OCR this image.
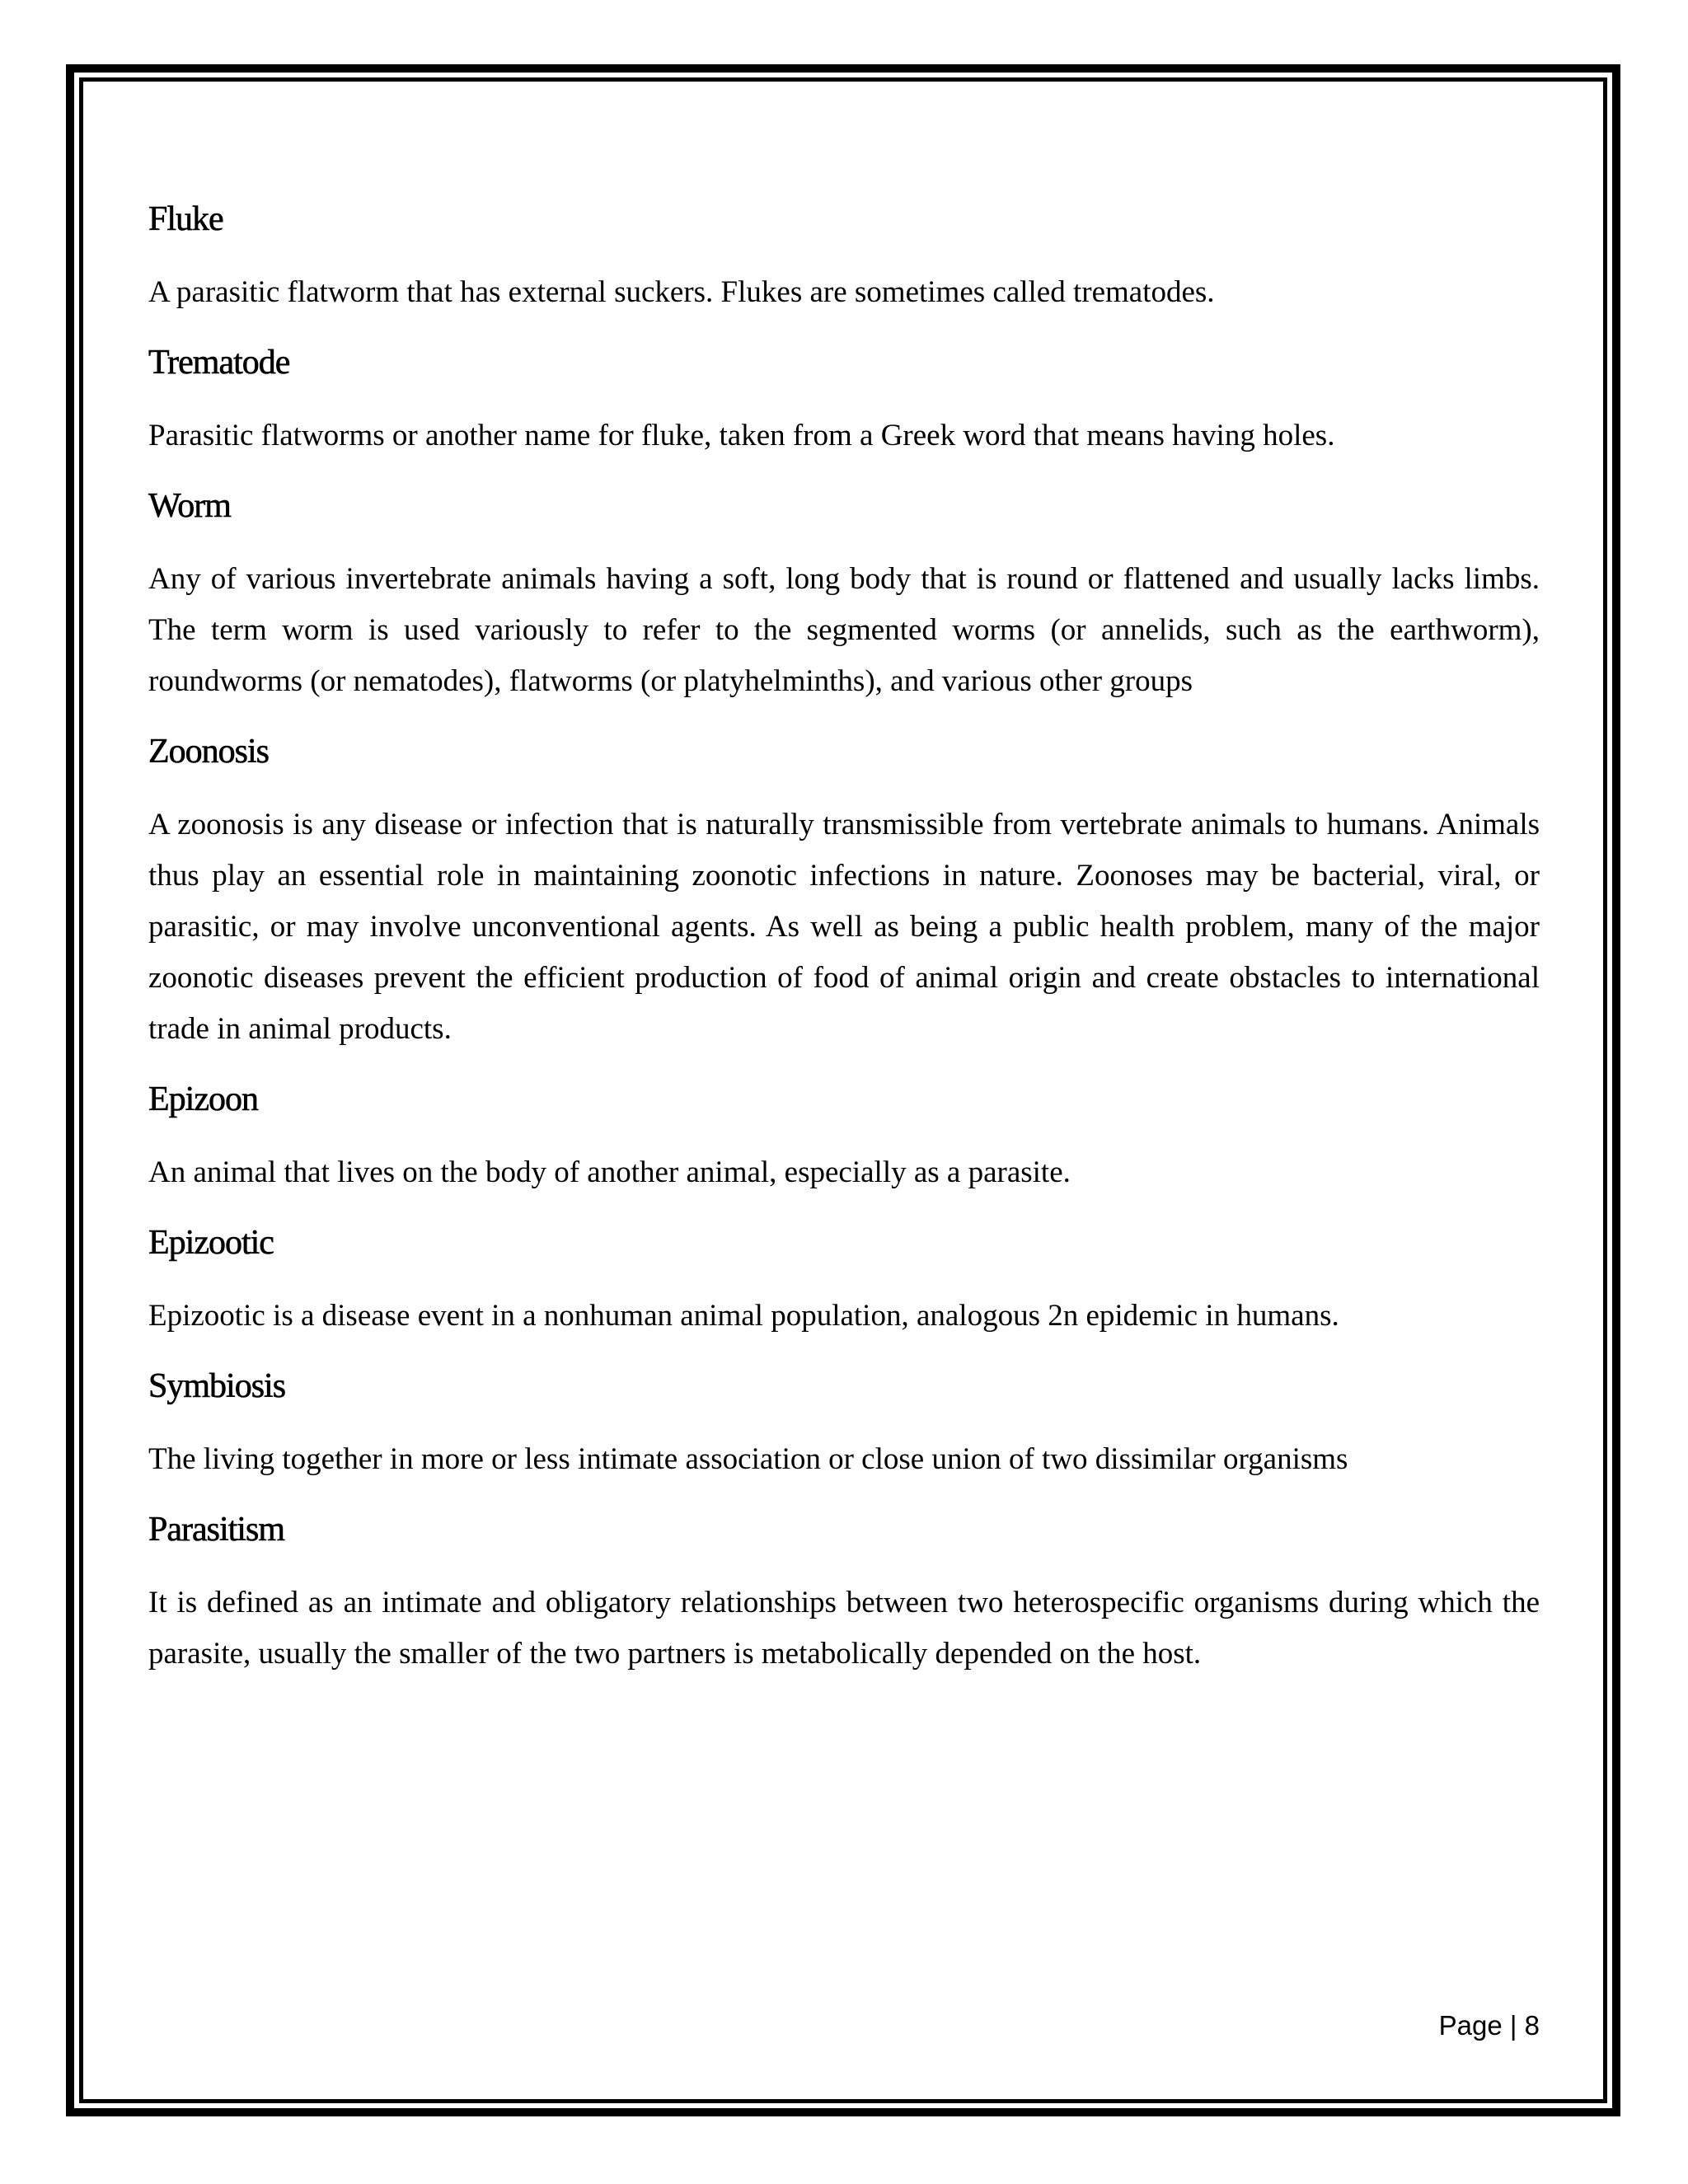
Fluke

A parasitic flatworm that has external suckers. Flukes are sometimes called trematodes.

Trematode

Parasitic flatworms or another name for fluke, taken from a Greek word that means having holes.

Worm

Any of various invertebrate animals having a soft, long body that is round or flattened and usually lacks limbs. The term worm is used variously to refer to the segmented worms (or annelids, such as the earthworm), roundworms (or nematodes), flatworms (or platyhelminths), and various other groups

Zoonosis

A zoonosis is any disease or infection that is naturally transmissible from vertebrate animals to humans. Animals thus play an essential role in maintaining zoonotic infections in nature. Zoonoses may be bacterial, viral, or parasitic, or may involve unconventional agents. As well as being a public health problem, many of the major zoonotic diseases prevent the efficient production of food of animal origin and create obstacles to international trade in animal products.

Epizoon

An animal that lives on the body of another animal, especially as a parasite.

Epizootic

Epizootic is a disease event in a nonhuman animal population, analogous 2n epidemic in humans.

Symbiosis

The living together in more or less intimate association or close union of two dissimilar organisms

Parasitism

It is defined as an intimate and obligatory relationships between two heterospecific organisms during which the parasite, usually the smaller of the two partners is metabolically depended on the host.

Page | 8
